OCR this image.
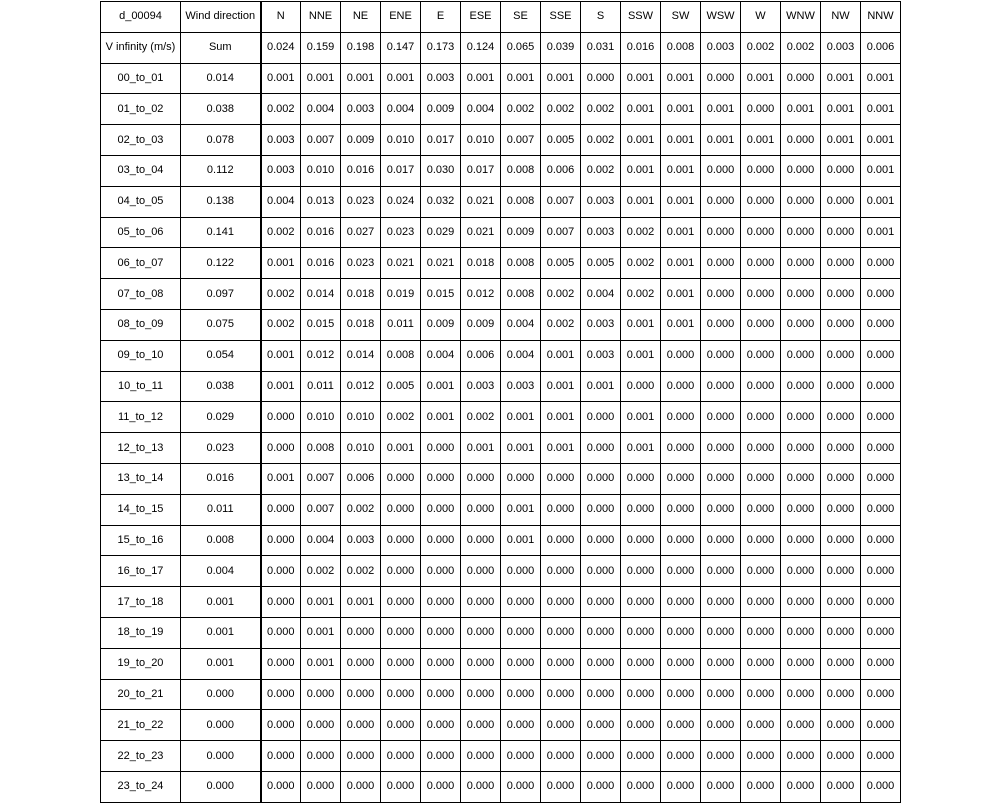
d_00094	Wind direction	N	NNE	NE	ENE	E	ESE	SE	SSE	S	SSW	SW	WSW	W	WNW	NW	NNW
V infinity (m/s)	Sum	0.024	0.159	0.198	0.147	0.173	0.124	0.065	0.039	0.031	0.016	0.008	0.003	0.002	0.002	0.003	0.006
00_to_01	0.014	0.001	0.001	0.001	0.001	0.003	0.001	0.001	0.001	0.000	0.001	0.001	0.000	0.001	0.000	0.001	0.001
01_to_02	0.038	0.002	0.004	0.003	0.004	0.009	0.004	0.002	0.002	0.002	0.001	0.001	0.001	0.000	0.001	0.001	0.001
02_to_03	0.078	0.003	0.007	0.009	0.010	0.017	0.010	0.007	0.005	0.002	0.001	0.001	0.001	0.001	0.000	0.001	0.001
03_to_04	0.112	0.003	0.010	0.016	0.017	0.030	0.017	0.008	0.006	0.002	0.001	0.001	0.000	0.000	0.000	0.000	0.001
04_to_05	0.138	0.004	0.013	0.023	0.024	0.032	0.021	0.008	0.007	0.003	0.001	0.001	0.000	0.000	0.000	0.000	0.001
05_to_06	0.141	0.002	0.016	0.027	0.023	0.029	0.021	0.009	0.007	0.003	0.002	0.001	0.000	0.000	0.000	0.000	0.001
06_to_07	0.122	0.001	0.016	0.023	0.021	0.021	0.018	0.008	0.005	0.005	0.002	0.001	0.000	0.000	0.000	0.000	0.000
07_to_08	0.097	0.002	0.014	0.018	0.019	0.015	0.012	0.008	0.002	0.004	0.002	0.001	0.000	0.000	0.000	0.000	0.000
08_to_09	0.075	0.002	0.015	0.018	0.011	0.009	0.009	0.004	0.002	0.003	0.001	0.001	0.000	0.000	0.000	0.000	0.000
09_to_10	0.054	0.001	0.012	0.014	0.008	0.004	0.006	0.004	0.001	0.003	0.001	0.000	0.000	0.000	0.000	0.000	0.000
10_to_11	0.038	0.001	0.011	0.012	0.005	0.001	0.003	0.003	0.001	0.001	0.000	0.000	0.000	0.000	0.000	0.000	0.000
11_to_12	0.029	0.000	0.010	0.010	0.002	0.001	0.002	0.001	0.001	0.000	0.001	0.000	0.000	0.000	0.000	0.000	0.000
12_to_13	0.023	0.000	0.008	0.010	0.001	0.000	0.001	0.001	0.001	0.000	0.001	0.000	0.000	0.000	0.000	0.000	0.000
13_to_14	0.016	0.001	0.007	0.006	0.000	0.000	0.000	0.000	0.000	0.000	0.000	0.000	0.000	0.000	0.000	0.000	0.000
14_to_15	0.011	0.000	0.007	0.002	0.000	0.000	0.000	0.001	0.000	0.000	0.000	0.000	0.000	0.000	0.000	0.000	0.000
15_to_16	0.008	0.000	0.004	0.003	0.000	0.000	0.000	0.001	0.000	0.000	0.000	0.000	0.000	0.000	0.000	0.000	0.000
16_to_17	0.004	0.000	0.002	0.002	0.000	0.000	0.000	0.000	0.000	0.000	0.000	0.000	0.000	0.000	0.000	0.000	0.000
17_to_18	0.001	0.000	0.001	0.001	0.000	0.000	0.000	0.000	0.000	0.000	0.000	0.000	0.000	0.000	0.000	0.000	0.000
18_to_19	0.001	0.000	0.001	0.000	0.000	0.000	0.000	0.000	0.000	0.000	0.000	0.000	0.000	0.000	0.000	0.000	0.000
19_to_20	0.001	0.000	0.001	0.000	0.000	0.000	0.000	0.000	0.000	0.000	0.000	0.000	0.000	0.000	0.000	0.000	0.000
20_to_21	0.000	0.000	0.000	0.000	0.000	0.000	0.000	0.000	0.000	0.000	0.000	0.000	0.000	0.000	0.000	0.000	0.000
21_to_22	0.000	0.000	0.000	0.000	0.000	0.000	0.000	0.000	0.000	0.000	0.000	0.000	0.000	0.000	0.000	0.000	0.000
22_to_23	0.000	0.000	0.000	0.000	0.000	0.000	0.000	0.000	0.000	0.000	0.000	0.000	0.000	0.000	0.000	0.000	0.000
23_to_24	0.000	0.000	0.000	0.000	0.000	0.000	0.000	0.000	0.000	0.000	0.000	0.000	0.000	0.000	0.000	0.000	0.000
